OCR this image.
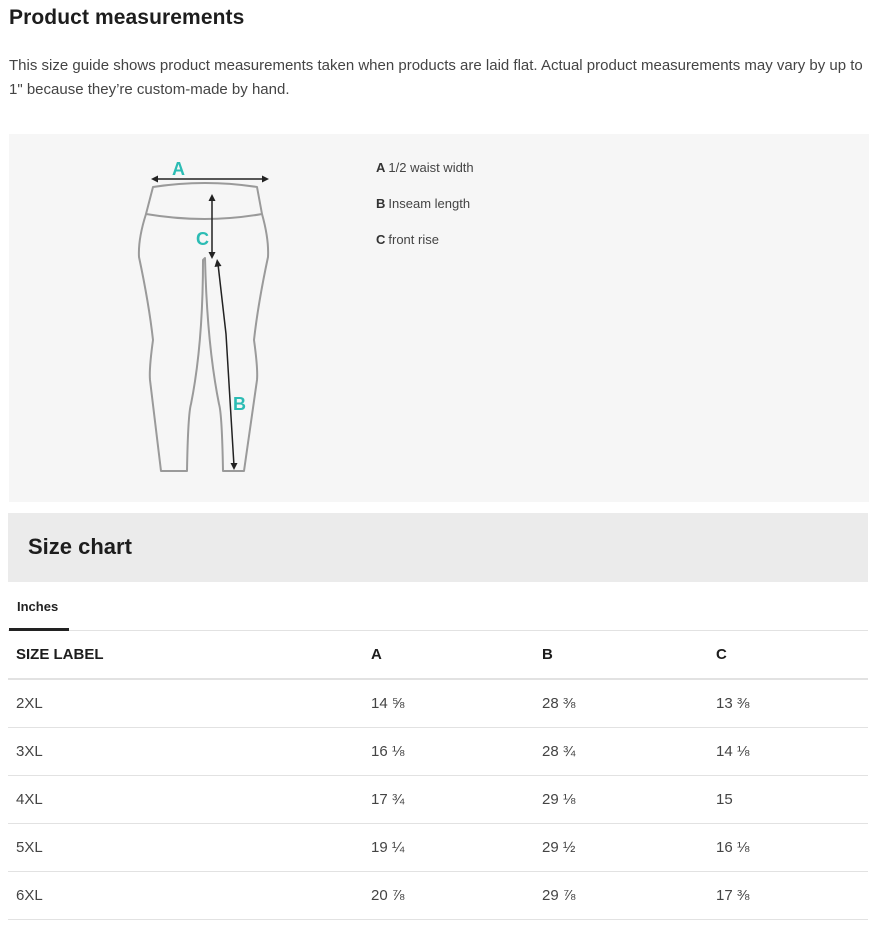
Product measurements

This size guide shows product measurements taken when products are laid flat. Actual product measurements may vary by up to 1" because they’re custom-made by hand.

A
C
B
A 1/2 waist width
B Inseam length
C front rise
Size chart
Inches
SIZE LABEL	A	B	C
2XL	14 ⅝	28 ⅜	13 ⅜
3XL	16 ⅛	28 ¾	14 ⅛
4XL	17 ¾	29 ⅛	15
5XL	19 ¼	29 ½	16 ⅛
6XL	20 ⅞	29 ⅞	17 ⅜
